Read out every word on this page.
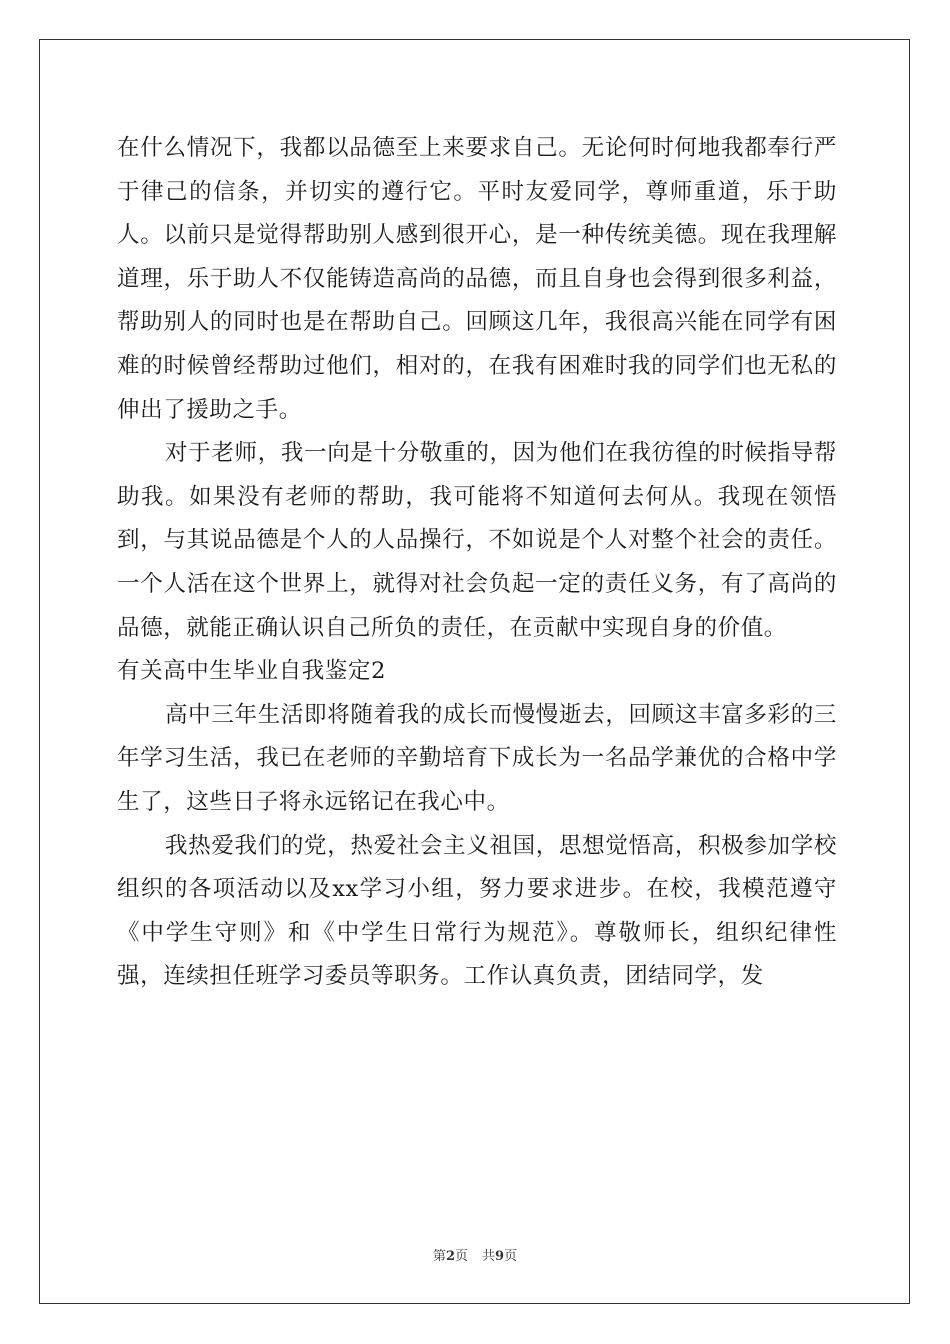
在什么情况下，我都以品德至上来要求自己。无论何时何地我都奉行严于律己的信条，并切实的遵行它。平时友爱同学，尊师重道，乐于助人。以前只是觉得帮助别人感到很开心，是一种传统美德。现在我理解道理，乐于助人不仅能铸造高尚的品德，而且自身也会得到很多利益，帮助别人的同时也是在帮助自己。回顾这几年，我很高兴能在同学有困难的时候曾经帮助过他们，相对的，在我有困难时我的同学们也无私的伸出了援助之手。

对于老师，我一向是十分敬重的，因为他们在我彷徨的时候指导帮助我。如果没有老师的帮助，我可能将不知道何去何从。我现在领悟到，与其说品德是个人的人品操行，不如说是个人对整个社会的责任。一个人活在这个世界上，就得对社会负起一定的责任义务，有了高尚的品德，就能正确认识自己所负的责任，在贡献中实现自身的价值。

有关高中生毕业自我鉴定2

高中三年生活即将随着我的成长而慢慢逝去，回顾这丰富多彩的三年学习生活，我已在老师的辛勤培育下成长为一名品学兼优的合格中学生了，这些日子将永远铭记在我心中。

我热爱我们的党，热爱社会主义祖国，思想觉悟高，积极参加学校组织的各项活动以及xx学习小组，努力要求进步。在校，我模范遵守《中学生守则》和《中学生日常行为规范》。尊敬师长，组织纪律性强，连续担任班学习委员等职务。工作认真负责，团结同学，发

第2页 共9页
